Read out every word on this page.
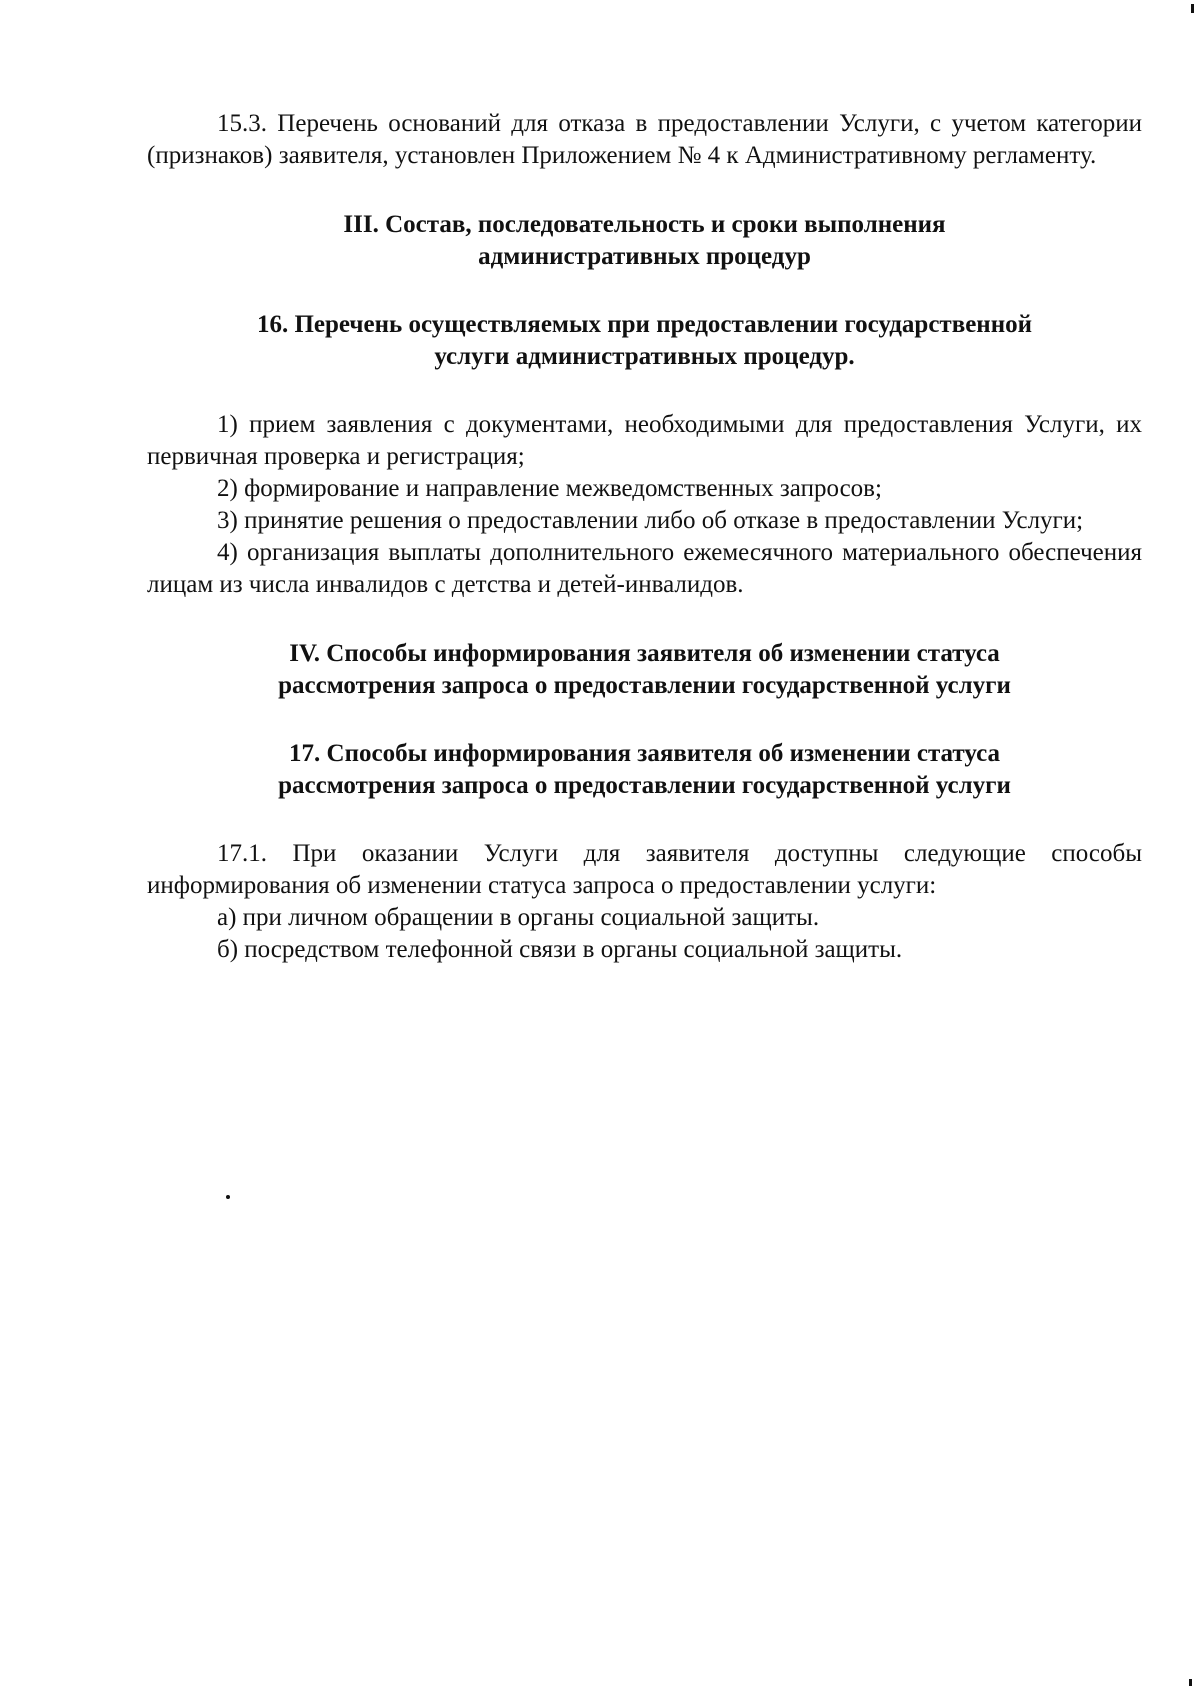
15.3. Перечень оснований для отказа в предоставлении Услуги, с учетом категории (признаков) заявителя, установлен Приложением № 4 к Административному регламенту.

III. Состав, последовательность и сроки выполнения
административных процедур
16. Перечень осуществляемых при предоставлении государственной
услуги административных процедур.

1) прием заявления с документами, необходимыми для предоставления Услуги, их первичная проверка и регистрация;

2) формирование и направление межведомственных запросов;

3) принятие решения о предоставлении либо об отказе в предоставлении Услуги;

4) организация выплаты дополнительного ежемесячного материального обеспечения лицам из числа инвалидов с детства и детей-инвалидов.

IV. Способы информирования заявителя об изменении статуса
рассмотрения запроса о предоставлении государственной услуги
17. Способы информирования заявителя об изменении статуса
рассмотрения запроса о предоставлении государственной услуги

17.1. При оказании Услуги для заявителя доступны следующие способы информирования об изменении статуса запроса о предоставлении услуги:

а) при личном обращении в органы социальной защиты.

б) посредством телефонной связи в органы социальной защиты.
